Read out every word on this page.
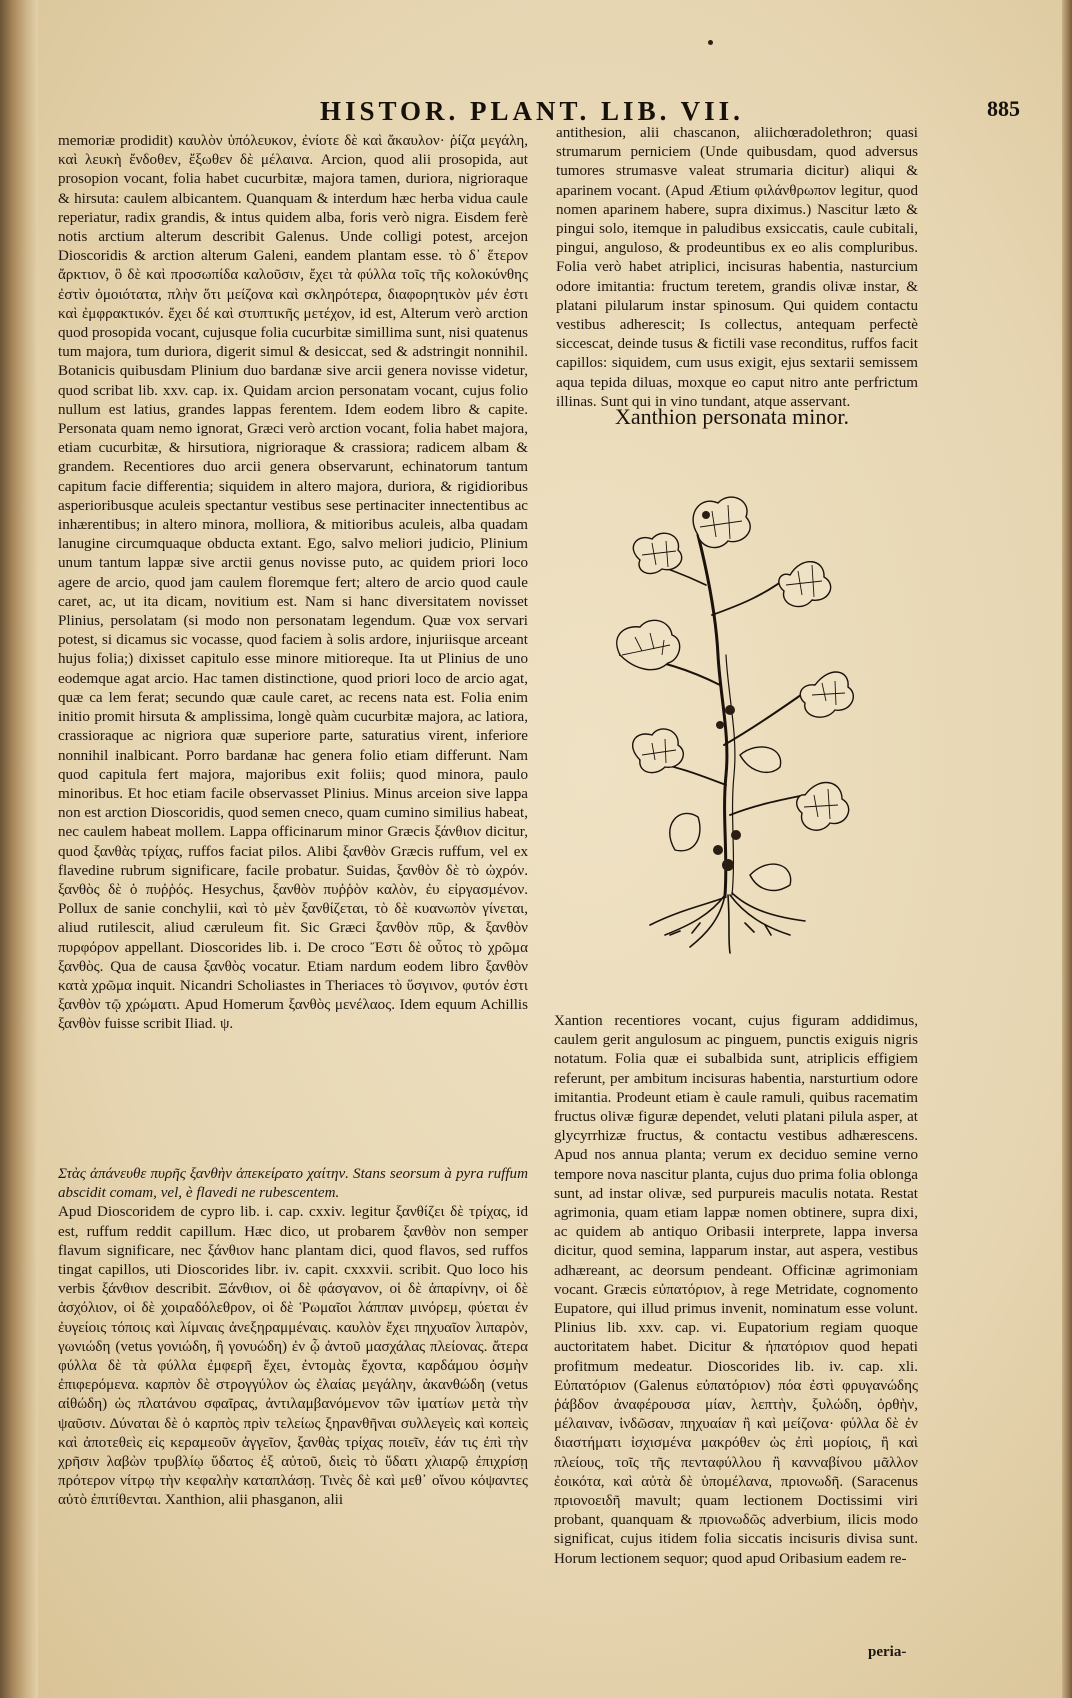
HISTOR. PLANT. LIB. VII.	885

memoriæ prodidit) καυλὸν ὑπόλευκον, ἐνίοτε δὲ καὶ ἄκαυλον· ῥίζα μεγάλη, καὶ λευκὴ ἔνδοθεν, ἔξωθεν δὲ μέλαινα. Arcion, quod alii prosopida, aut prosopion vocant, folia habet cucurbitæ, majora tamen, duriora, nigrioraque & hirsuta: caulem albicantem. Quanquam & interdum hæc herba vidua caule reperiatur, radix grandis, & intus quidem alba, foris verò nigra. Eisdem ferè notis arctium alterum describit Galenus. Unde colligi potest, arcejon Dioscoridis & arction alterum Galeni, eandem plantam esse. τὸ δ᾽ ἕτερον ἄρκτιον, ὃ δὲ καὶ προσωπίδα καλοῦσιν, ἔχει τὰ φύλλα τοῖς τῆς κολοκύνθης ἐστὶν ὁμοιότατα, πλὴν ὅτι μείζονα καὶ σκληρότερα, διαφορητικὸν μέν ἐστι καὶ ἐμφρακτικόν. ἔχει δέ καὶ στυπτικῆς μετέχον, id est, Alterum verò arction quod prosopida vocant, cujusque folia cucurbitæ simillima sunt, nisi quatenus tum majora, tum duriora, digerit simul & desiccat, sed & adstringit nonnihil. Botanicis quibusdam Plinium duo bardanæ sive arcii genera novisse videtur, quod scribat lib. xxv. cap. ix. Quidam arcion personatam vocant, cujus folio nullum est latius, grandes lappas ferentem. Idem eodem libro & capite. Personata quam nemo ignorat, Græci verò arction vocant, folia habet majora, etiam cucurbitæ, & hirsutiora, nigrioraque & crassiora; radicem albam & grandem. Recentiores duo arcii genera observarunt, echinatorum tantum capitum facie differentia; siquidem in altero majora, duriora, & rigidioribus asperioribusque aculeis spectantur vestibus sese pertinaciter innectentibus ac inhærentibus; in altero minora, molliora, & mitioribus aculeis, alba quadam lanugine circumquaque obducta extant. Ego, salvo meliori judicio, Plinium unum tantum lappæ sive arctii genus novisse puto, ac quidem priori loco agere de arcio, quod jam caulem floremque fert; altero de arcio quod caule caret, ac, ut ita dicam, novitium est. Nam si hanc diversitatem novisset Plinius, persolatam (si modo non personatam legendum. Quæ vox servari potest, si dicamus sic vocasse, quod faciem à solis ardore, injuriisque arceant hujus folia;) dixisset capitulo esse minore mitioreque. Ita ut Plinius de uno eodemque agat arcio. Hac tamen distinctione, quod priori loco de arcio agat, quæ ca lem ferat; secundo quæ caule caret, ac recens nata est. Folia enim initio promit hirsuta & amplissima, longè quàm cucurbitæ majora, ac latiora, crassioraque ac nigriora quæ superiore parte, saturatius virent, inferiore nonnihil inalbicant. Porro bardanæ hac genera folio etiam differunt. Nam quod capitula fert majora, majoribus exit foliis; quod minora, paulo minoribus. Et hoc etiam facile observasset Plinius. Minus arceion sive lappa non est arction Dioscoridis, quod semen cneco, quam cumino similius habeat, nec caulem habeat mollem. Lappa officinarum minor Græcis ξάνθιον dicitur, quod ξανθὰς τρίχας, ruffos faciat pilos. Alibi ξανθὸν Græcis ruffum, vel ex flavedine rubrum significare, facile probatur. Suidas, ξανθὸν δὲ τὸ ὠχρόν. ξανθὸς δὲ ὁ πυῤῥός. Hesychus, ξανθὸν πυῤῥὸν καλὸν, ἐυ εἰργασμένον. Pollux de sanie conchylii, καὶ τὸ μὲν ξανθίζεται, τὸ δὲ κυανωπὸν γίνεται, aliud rutilescit, aliud cæruleum fit. Sic Græci ξανθὸν πῦρ, & ξανθὸν πυρφόρον appellant. Dioscorides lib. i. De croco Ἔστι δὲ οὗτος τὸ χρῶμα ξανθὸς. Qua de causa ξανθὸς vocatur. Etiam nardum eodem libro ξανθὸν κατὰ χρῶμα inquit. Nicandri Scholiastes in Theriaces τὸ ὕσγινον, φυτόν ἐστι ξανθὸν τῷ χρώματι. Apud Homerum ξανθὸς μενέλαος. Idem equum Achillis ξανθὸν fuisse scribit Iliad. ψ.

Στὰς ἀπάνευθε πυρῆς ξανθὴν ἀπεκείρατο χαίτην. Stans seorsum à pyra ruffum abscidit comam, vel, è flavedi ne rubescentem.

Apud Dioscoridem de cypro lib. i. cap. cxxiv. legitur ξανθίζει δὲ τρίχας, id est, ruffum reddit capillum. Hæc dico, ut probarem ξανθὸν non semper flavum significare, nec ξάνθιον hanc plantam dici, quod flavos, sed ruffos tingat capillos, uti Dioscorides libr. iv. capit. cxxxvii. scribit. Quo loco his verbis ξάνθιον describit. Ξάνθιον, οἱ δὲ φάσγανον, οἱ δὲ ἀπαρίνην, οἱ δὲ ἀσχόλιον, οἱ δὲ χοιραδόλεθρον, οἱ δὲ Ῥωμαῖοι λάππαν μινόρεμ, φύεται ἐν ἐυγείοις τόποις καὶ λίμναις ἀνεξηραμμέναις. καυλὸν ἔχει πηχυαῖον λιπαρὸν, γωνιώδη (vetus γονιώδη, ἢ γονυώδη) ἐν ᾧ ἀντοῦ μασχάλας πλείονας. ἄτερα φύλλα δὲ τὰ φύλλα ἐμφερῆ ἔχει, ἐντομὰς ἔχοντα, καρδάμου ὀσμὴν ἐπιφερόμενα. καρπὸν δὲ στρογγύλον ὡς ἐλαίας μεγάλην, ἀκανθώδη (vetus αἰθώδη) ὡς πλατάνου σφαῖρας, ἀντιλαμβανόμενον τῶν ἱματίων μετὰ τὴν ψαῦσιν. Δύναται δὲ ὁ καρπὸς πρὶν τελείως ξηρανθῆναι συλλεγεὶς καὶ κοπεὶς καὶ ἀποτεθεὶς εἰς κεραμεοῦν ἀγγεῖον, ξανθὰς τρίχας ποιεῖν, ἐάν τις ἐπὶ τὴν χρῆσιν λαβὼν τρυβλίῳ ὕδατος ἐξ αὐτοῦ, διεὶς τὸ ὕδατι χλιαρῷ ἐπιχρίσῃ πρότερον νίτρῳ τὴν κεφαλὴν καταπλάσῃ. Τινὲς δὲ καὶ μεθ᾽ οἴνου κόψαντες αὐτὸ ἐπιτίθενται. Xanthion, alii phasganon, alii

antithesion, alii chascanon, aliichœradolethron; quasi strumarum perniciem (Unde quibusdam, quod adversus tumores strumasve valeat strumaria dicitur) aliqui & aparinem vocant. (Apud Ætium φιλάνθρωπον legitur, quod nomen aparinem habere, supra diximus.) Nascitur læto & pingui solo, itemque in paludibus exsiccatis, caule cubitali, pingui, anguloso, & prodeuntibus ex eo alis compluribus. Folia verò habet atriplici, incisuras habentia, nasturcium odore imitantia: fructum teretem, grandis olivæ instar, & platani pilularum instar spinosum. Qui quidem contactu vestibus adherescit; Is collectus, antequam perfectè siccescat, deinde tusus & fictili vase reconditus, ruffos facit capillos: siquidem, cum usus exigit, ejus sextarii semissem aqua tepida diluas, moxque eo caput nitro ante perfrictum illinas. Sunt qui in vino tundant, atque asservant.

Xanthion personata minor.

Xantion recentiores vocant, cujus figuram addidimus, caulem gerit angulosum ac pinguem, punctis exiguis nigris notatum. Folia quæ ei subalbida sunt, atriplicis effigiem referunt, per ambitum incisuras habentia, narsturtium odore imitantia. Prodeunt etiam è caule ramuli, quibus racematim fructus olivæ figuræ dependet, veluti platani pilula asper, at glycyrrhizæ fructus, & contactu vestibus adhærescens. Apud nos annua planta; verum ex deciduo semine verno tempore nova nascitur planta, cujus duo prima folia oblonga sunt, ad instar olivæ, sed purpureis maculis notata. Restat agrimonia, quam etiam lappæ nomen obtinere, supra dixi, ac quidem ab antiquo Oribasii interprete, lappa inversa dicitur, quod semina, lapparum instar, aut aspera, vestibus adhæreant, ac deorsum pendeant. Officinæ agrimoniam vocant. Græcis εὐπατόριον, à rege Metridate, cognomento Eupatore, qui illud primus invenit, nominatum esse volunt. Plinius lib. xxv. cap. vi. Eupatorium regiam quoque auctoritatem habet. Dicitur & ἠπατόριον quod hepati profitmum medeatur. Dioscorides lib. iv. cap. xli. Εὐπατόριον (Galenus εὐπατόριον) πόα ἐστὶ φρυγανώδης ῥάβδον ἀναφέρουσα μίαν, λεπτὴν, ξυλώδη, ὀρθὴν, μέλαιναν, ἰνδῶσαν, πηχυαίαν ἢ καὶ μείζονα· φύλλα δὲ ἐν διαστήματι ἰσχισμένα μακρόθεν ὡς ἐπὶ μορίοις, ἢ καὶ πλείους, τοῖς τῆς πενταφύλλου ἢ κανναβίνου μᾶλλον ἐοικότα, καὶ αὐτὰ δὲ ὑπομέλανα, πριονωδῆ. (Saracenus πριονοειδῆ mavult; quam lectionem Doctissimi viri probant, quanquam & πριονωδῶς adverbium, ilicis modo significat, cujus itidem folia siccatis incisuris divisa sunt. Horum lectionem sequor; quod apud Oribasium eadem re-

peria-
